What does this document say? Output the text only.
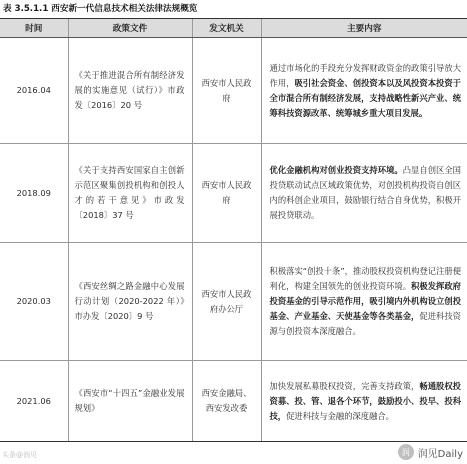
表 3.5.1.1 西安新一代信息技术相关法律法规概览
时间	政策文件	发文机关	主要内容
2016.04	《关于推进混合所有制经济发展的实施意见（试行）》市政发〔2016〕20 号	西安市人民政府	通过市场化的手段充分发挥财政资金的政策引导放大作用，吸引社会资金、创投资本以及风投资本投资于全市混合所有制经济发展，支持战略性新兴产业、统筹科技资源改革、统筹城乡重大项目发展。
2018.09	《关于支持西安国家自主创新示范区聚集创投机构和创投人才的若干意见》市政发〔2018〕37 号	西安市人民政府	优化金融机构对创业投资支持环境。凸显自创区全国投贷联动试点区域政策优势，对创投机构投资自创区内的科创企业项目，鼓励银行结合自身优势，积极开展投贷联动。
2020.03	《西安丝绸之路金融中心发展行动计划（2020-2022 年）》市办发〔2020〕9 号	西安市人民政府办公厅	积极落实“创投十条”，推动股权投资机构登记注册便利化，构建全国领先的创业投资环境。积极发挥政府投资基金的引导示范作用，吸引境内外机构设立创投基金、产业基金、天使基金等各类基金，促进科技资源与创投资本深度融合。
2021.06	《西安市“十四五”金融业发展规划》	西安金融局、西安发改委	加快发展私募股权投资，完善支持政策，畅通股权投资募、投、管、退各个环节，鼓励投小、投早、投科技，促进科技与金融的深度融合。
头条@润见	润 润见Daily
